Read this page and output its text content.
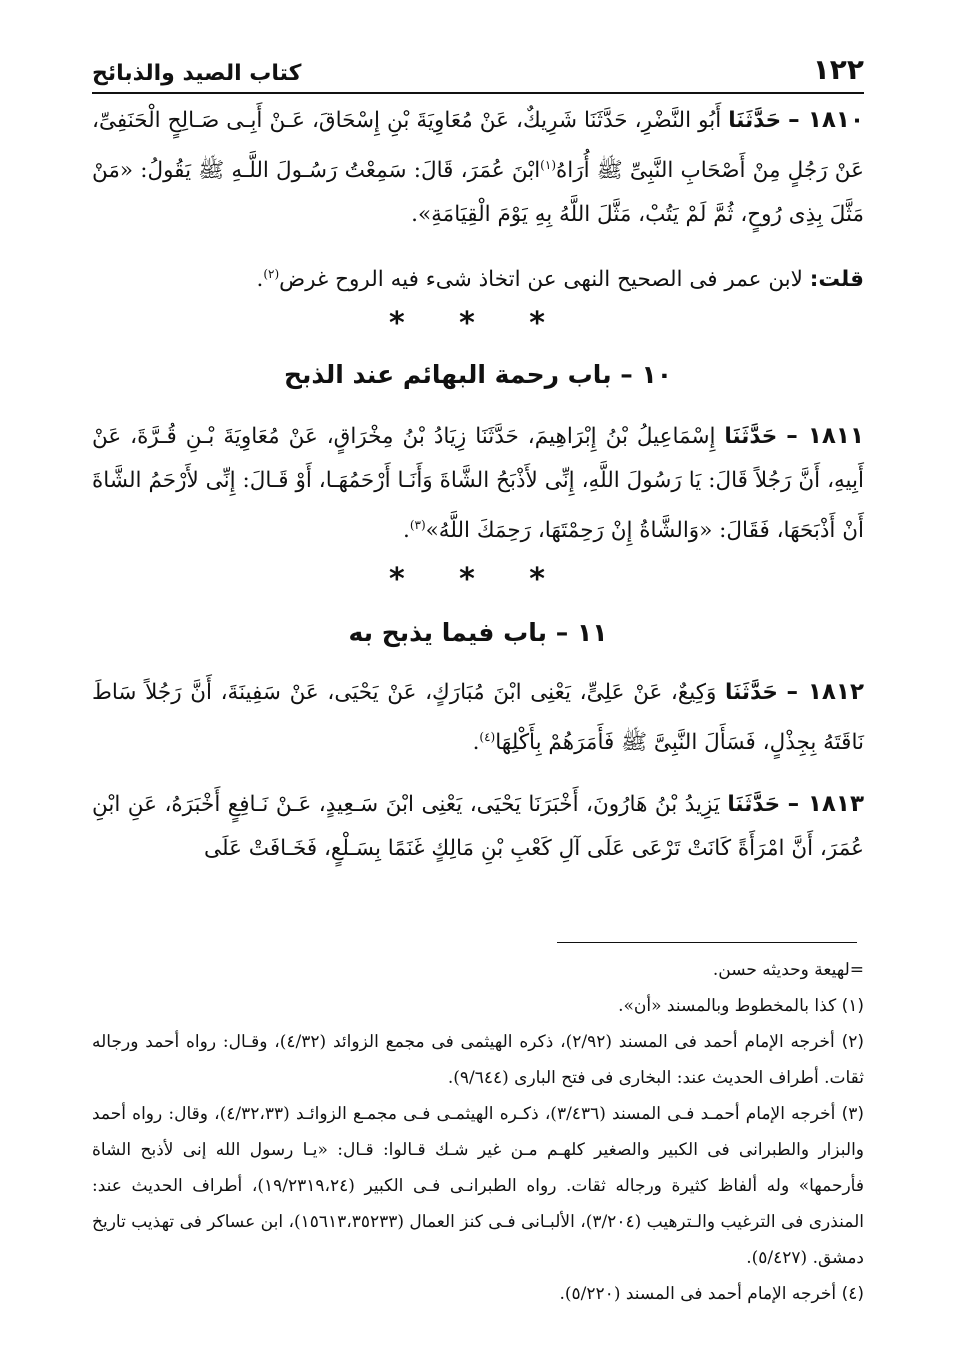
١٢٢
كتاب الصيد والذبائح
١٨١٠ – حَدَّثَنَا أَبُو النَّضْرِ، حَدَّثَنَا شَرِيكٌ، عَنْ مُعَاوِيَةَ بْنِ إِسْحَاقَ، عَـنْ أَبِـى صَـالِحٍ الْحَنَفِىِّ، عَنْ رَجُلٍ مِنْ أَصْحَابِ النَّبِىِّ ﷺ أُرَاهُ$^{(١)}$ابْنَ عُمَرَ، قَالَ: سَمِعْتُ رَسُـولَ اللَّـهِ ﷺ يَقُولُ: «مَنْ مَثَّلَ بِذِى رُوحٍ، ثُمَّ لَمْ يَتُبْ، مَثَّلَ اللَّهُ بِهِ يَوْمَ الْقِيَامَةِ».
قلت: لابن عمر فى الصحيح النهى عن اتخاذ شىء فيه الروح غرض$^{(٢)}$.
* * *
١٠ – باب رحمة البهائم عند الذبح
١٨١١ – حَدَّثَنَا إِسْمَاعِيلُ بْنُ إِبْرَاهِيمَ، حَدَّثَنَا زِيَادُ بْنُ مِخْرَاقٍ، عَنْ مُعَاوِيَةَ بْـنِ قُـرَّةَ، عَنْ أَبِيهِ، أَنَّ رَجُلاً قَالَ: يَا رَسُولَ اللَّهِ، إِنِّى لأَذْبَحُ الشَّاةَ وَأَنَـا أَرْحَمُهَـا، أَوْ قَـالَ: إِنِّى لأَرْحَمُ الشَّاةَ أَنْ أَذْبَحَهَا، فَقَالَ: «وَالشَّاةُ إِنْ رَحِمْتَهَا، رَحِمَكَ اللَّهُ»$^{(٣)}$.
* * *
١١ – باب فيما يذبح به
١٨١٢ – حَدَّثَنَا وَكِيعٌ، عَنْ عَلِىٍّ، يَعْنِى ابْنَ مُبَارَكٍ، عَنْ يَحْيَى، عَنْ سَفِينَةَ، أَنَّ رَجُلاً سَاطَ نَاقَتَهُ بِجِذْلٍ، فَسَأَلَ النَّبِىَّ ﷺ فَأَمَرَهُمْ بِأَكْلِهَا$^{(٤)}$.
١٨١٣ – حَدَّثَنَا يَزِيدُ بْنُ هَارُونَ، أَخْبَرَنَا يَحْيَى، يَعْنِى ابْنَ سَـعِيدٍ، عَـنْ نَـافِعٍ أَخْبَرَهُ، عَنِ ابْنِ عُمَرَ، أَنَّ امْرَأَةً كَانَتْ تَرْعَى عَلَى آلِ كَعْبِ بْنِ مَالِكٍ غَنَمًا بِسَـلْعٍ، فَخَـافَتْ عَلَى

=لهيعة وحديثه حسن.

(١) كذا بالمخطوط وبالمسند «أن».

(٢) أخرجه الإمام أحمد فى المسند (٢/٩٢)، ذكره الهيثمى فى مجمع الزوائد (٤/٣٢)، وقـال: رواه أحمد ورجاله ثقات. أطراف الحديث عند: البخارى فى فتح البارى (٩/٦٤٤).

(٣) أخرجه الإمام أحمـد فـى المسند (٣/٤٣٦)، ذكـره الهيثمـى فـى مجمـع الزوائـد (٤/٣٢،٣٣)، وقال: رواه أحمد والبزار والطبرانى فى الكبير والصغير كلهـم مـن غير شـك قـالوا: قـال: «يـا رسول الله إنى لأذبح الشاة فأرحمها» وله ألفاظ كثيرة ورجاله ثقات. رواه الطبرانـى فـى الكبير (١٩/٢٣١٩،٢٤)، أطراف الحديث عند: المنذرى فى الترغيب والـترهيب (٣/٢٠٤)، الألبـانى فـى كنز العمال (١٥٦١٣،٣٥٢٣٣)، ابن عساكر فى تهذيب تاريخ دمشق. (٥/٤٢٧).

(٤) أخرجه الإمام أحمد فى المسند (٥/٢٢٠).
